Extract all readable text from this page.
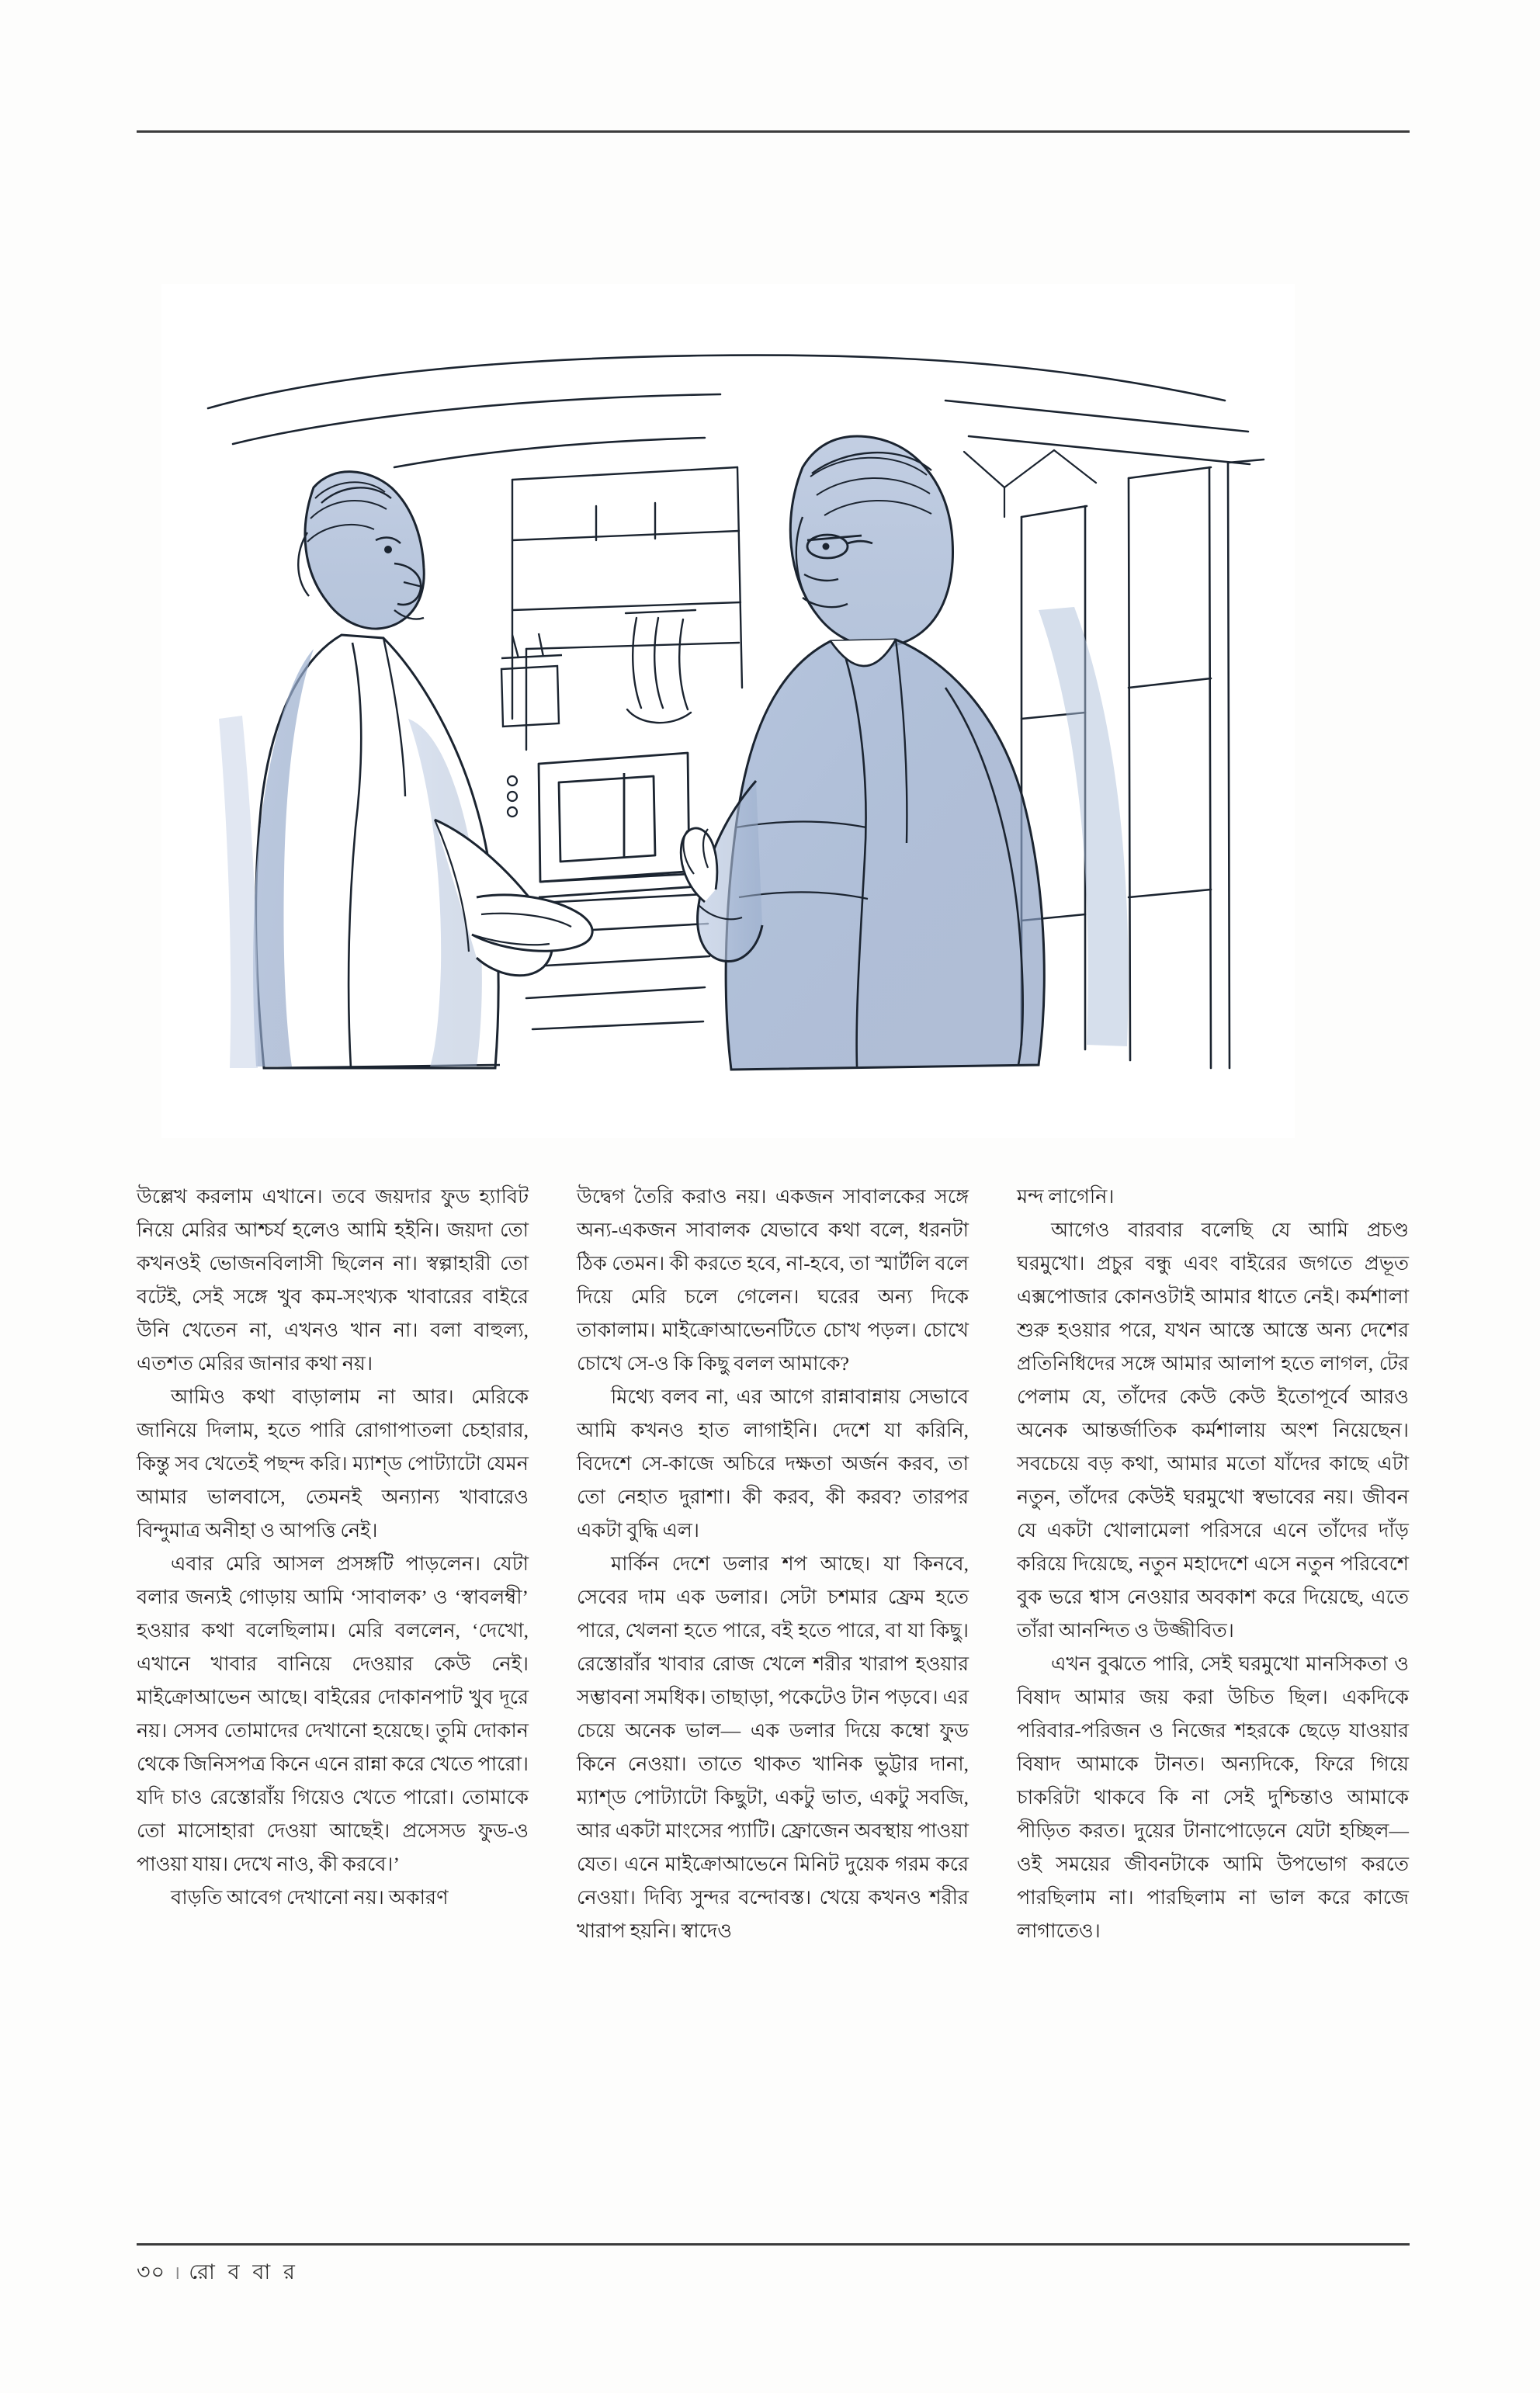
উল্লেখ করলাম এখানে। তবে জয়দার ফুড হ্যাবিট নিয়ে মেরির আশ্চর্য হলেও আমি হইনি। জয়দা তো কখনওই ভোজনবিলাসী ছিলেন না। স্বল্পাহারী তো বটেই, সেই সঙ্গে খুব কম-সংখ্যক খাবারের বাইরে উনি খেতেন না, এখনও খান না। বলা বাহুল্য, এতশত মেরির জানার কথা নয়।

আমিও কথা বাড়ালাম না আর। মেরিকে জানিয়ে দিলাম, হতে পারি রোগাপাতলা চেহারার, কিন্তু সব খেতেই পছন্দ করি। ম্যাশ্‌ড পোট্যাটো যেমন আমার ভালবাসে, তেমনই অন্যান্য খাবারেও বিন্দুমাত্র অনীহা ও আপত্তি নেই।

এবার মেরি আসল প্রসঙ্গটি পাড়লেন। যেটা বলার জন্যই গোড়ায় আমি ‘সাবালক’ ও ‘স্বাবলম্বী’ হওয়ার কথা বলেছিলাম। মেরি বললেন, ‘দেখো, এখানে খাবার বানিয়ে দেওয়ার কেউ নেই। মাইক্রোআভেন আছে। বাইরের দোকানপাট খুব দূরে নয়। সেসব তোমাদের দেখানো হয়েছে। তুমি দোকান থেকে জিনিসপত্র কিনে এনে রান্না করে খেতে পারো। যদি চাও রেস্তোরাঁয় গিয়েও খেতে পারো। তোমাকে তো মাসোহারা দেওয়া আছেই। প্রসেসড ফুড-ও পাওয়া যায়। দেখে নাও, কী করবে।’

বাড়তি আবেগ দেখানো নয়। অকারণ

উদ্বেগ তৈরি করাও নয়। একজন সাবালকের সঙ্গে অন্য-একজন সাবালক যেভাবে কথা বলে, ধরনটা ঠিক তেমন। কী করতে হবে, না-হবে, তা স্মার্টলি বলে দিয়ে মেরি চলে গেলেন। ঘরের অন্য দিকে তাকালাম। মাইক্রোআভেনটিতে চোখ পড়ল। চোখে চোখে সে-ও কি কিছু বলল আমাকে?

মিথ্যে বলব না, এর আগে রান্নাবান্নায় সেভাবে আমি কখনও হাত লাগাইনি। দেশে যা করিনি, বিদেশে সে-কাজে অচিরে দক্ষতা অর্জন করব, তা তো নেহাত দুরাশা। কী করব, কী করব? তারপর একটা বুদ্ধি এল।

মার্কিন দেশে ডলার শপ আছে। যা কিনবে, সেবের দাম এক ডলার। সেটা চশমার ফ্রেম হতে পারে, খেলনা হতে পারে, বই হতে পারে, বা যা কিছু। রেস্তোরাঁর খাবার রোজ খেলে শরীর খারাপ হওয়ার সম্ভাবনা সমধিক। তাছাড়া, পকেটেও টান পড়বে। এর চেয়ে অনেক ভাল— এক ডলার দিয়ে কম্বো ফুড কিনে নেওয়া। তাতে থাকত খানিক ভুট্টার দানা, ম্যাশ্‌ড পোট্যাটো কিছুটা, একটু ভাত, একটু সবজি, আর একটা মাংসের প্যাটি। ফ্রোজেন অবস্থায় পাওয়া যেত। এনে মাইক্রোআভেনে মিনিট দুয়েক গরম করে নেওয়া। দিব্যি সুন্দর বন্দোবস্ত। খেয়ে কখনও শরীর খারাপ হয়নি। স্বাদেও

মন্দ লাগেনি।

আগেও বারবার বলেছি যে আমি প্রচণ্ড ঘরমুখো। প্রচুর বন্ধু এবং বাইরের জগতে প্রভূত এক্সপোজার কোনওটাই আমার ধাতে নেই। কর্মশালা শুরু হওয়ার পরে, যখন আস্তে আস্তে অন্য দেশের প্রতিনিধিদের সঙ্গে আমার আলাপ হতে লাগল, টের পেলাম যে, তাঁদের কেউ কেউ ইতোপূর্বে আরও অনেক আন্তর্জাতিক কর্মশালায় অংশ নিয়েছেন। সবচেয়ে বড় কথা, আমার মতো যাঁদের কাছে এটা নতুন, তাঁদের কেউই ঘরমুখো স্বভাবের নয়। জীবন যে একটা খোলামেলা পরিসরে এনে তাঁদের দাঁড় করিয়ে দিয়েছে, নতুন মহাদেশে এসে নতুন পরিবেশে বুক ভরে শ্বাস নেওয়ার অবকাশ করে দিয়েছে, এতে তাঁরা আনন্দিত ও উজ্জীবিত।

এখন বুঝতে পারি, সেই ঘরমুখো মানসিকতা ও বিষাদ আমার জয় করা উচিত ছিল। একদিকে পরিবার-পরিজন ও নিজের শহরকে ছেড়ে যাওয়ার বিষাদ আমাকে টানত। অন্যদিকে, ফিরে গিয়ে চাকরিটা থাকবে কি না সেই দুশ্চিন্তাও আমাকে পীড়িত করত। দুয়ের টানাপোড়েনে যেটা হচ্ছিল— ওই সময়ের জীবনটাকে আমি উপভোগ করতে পারছিলাম না। পারছিলাম না ভাল করে কাজে লাগাতেও।

৩০ । রো ব বা র
